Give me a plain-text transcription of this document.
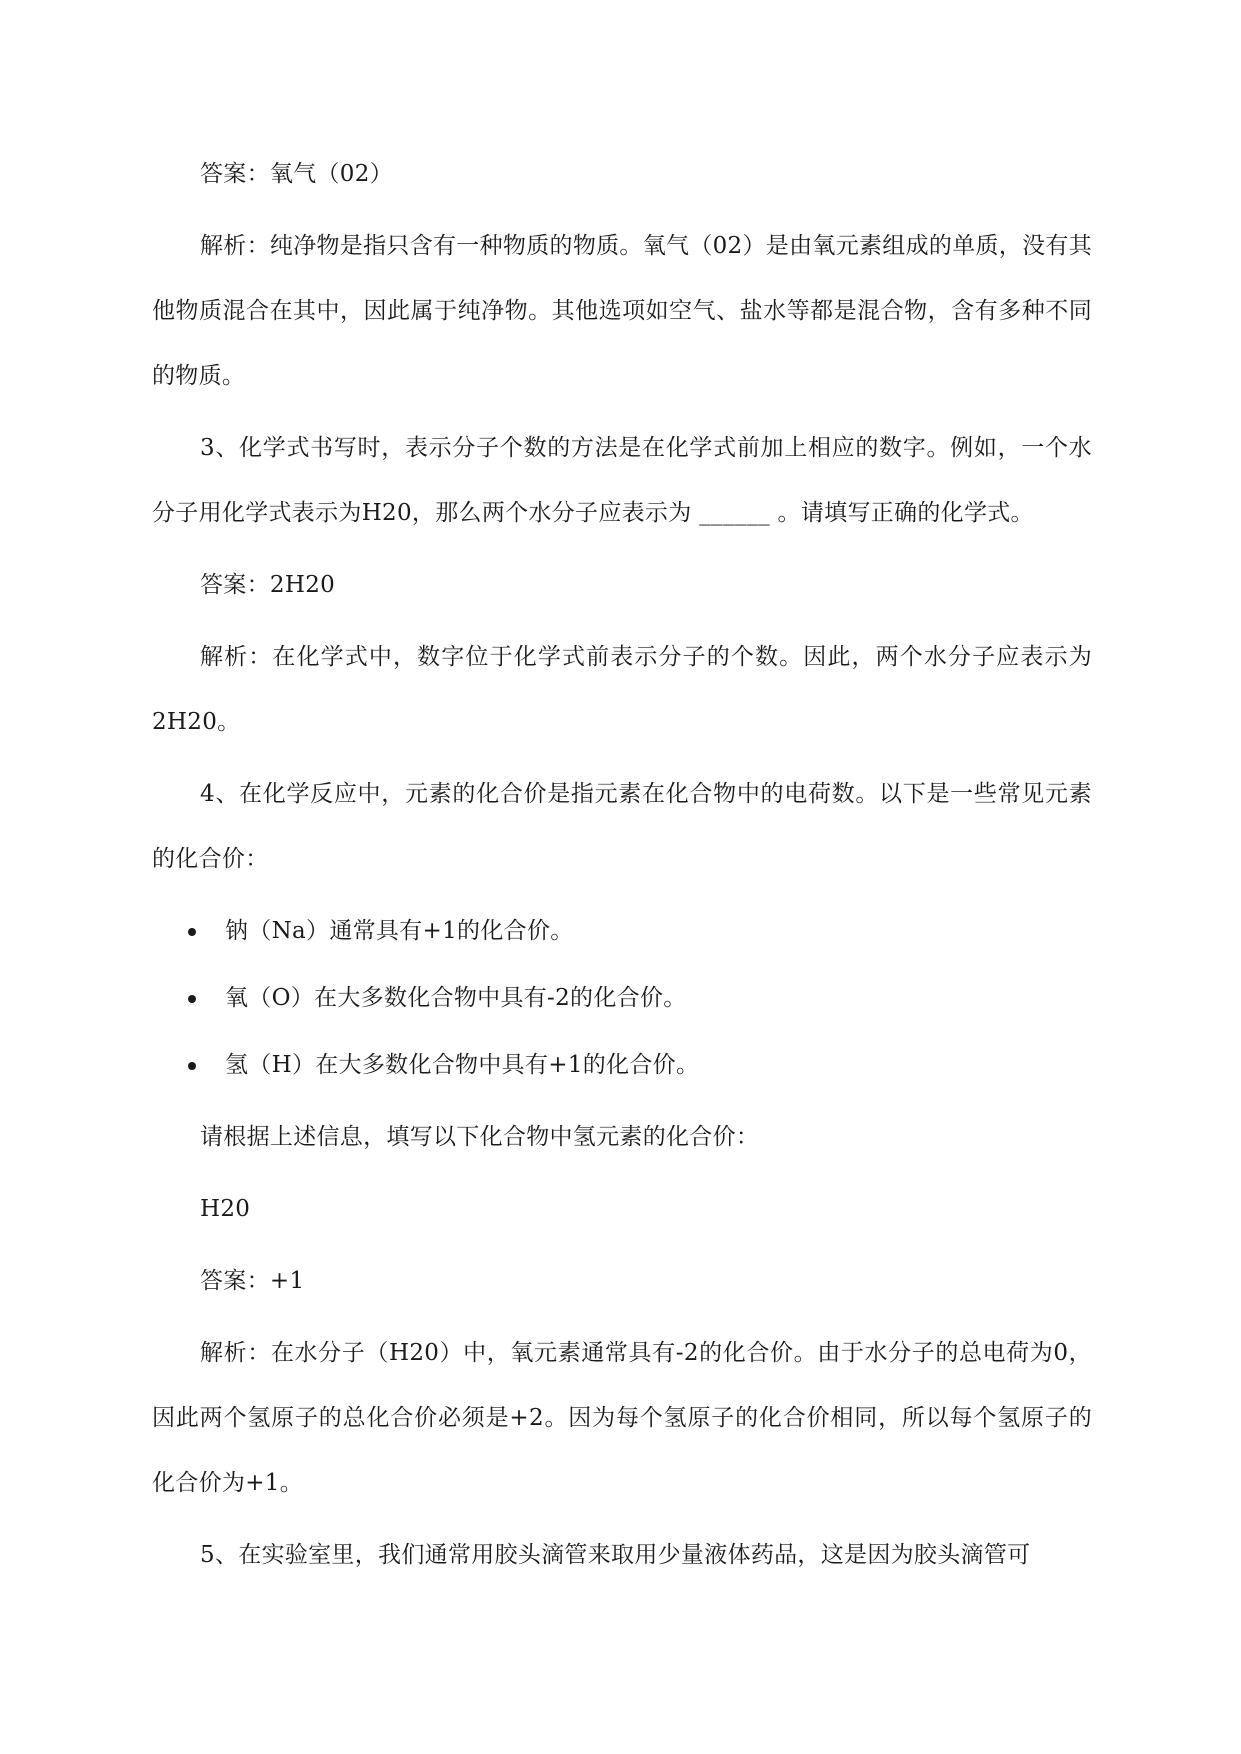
答案：氧气（02）

解析：纯净物是指只含有一种物质的物质。氧气（02）是由氧元素组成的单质，没有其他物质混合在其中，因此属于纯净物。其他选项如空气、盐水等都是混合物，含有多种不同的物质。

3、化学式书写时，表示分子个数的方法是在化学式前加上相应的数字。例如，一个水分子用化学式表示为H20，那么两个水分子应表示为 ______ 。请填写正确的化学式。

答案：2H20

解析：在化学式中，数字位于化学式前表示分子的个数。因此，两个水分子应表示为2H20。

4、在化学反应中，元素的化合价是指元素在化合物中的电荷数。以下是一些常见元素的化合价：

钠（Na）通常具有+1的化合价。
氧（O）在大多数化合物中具有-2的化合价。
氢（H）在大多数化合物中具有+1的化合价。

请根据上述信息，填写以下化合物中氢元素的化合价：

H20

答案：+1

解析：在水分子（H20）中，氧元素通常具有-2的化合价。由于水分子的总电荷为0，因此两个氢原子的总化合价必须是+2。因为每个氢原子的化合价相同，所以每个氢原子的化合价为+1。

5、在实验室里，我们通常用胶头滴管来取用少量液体药品，这是因为胶头滴管可
